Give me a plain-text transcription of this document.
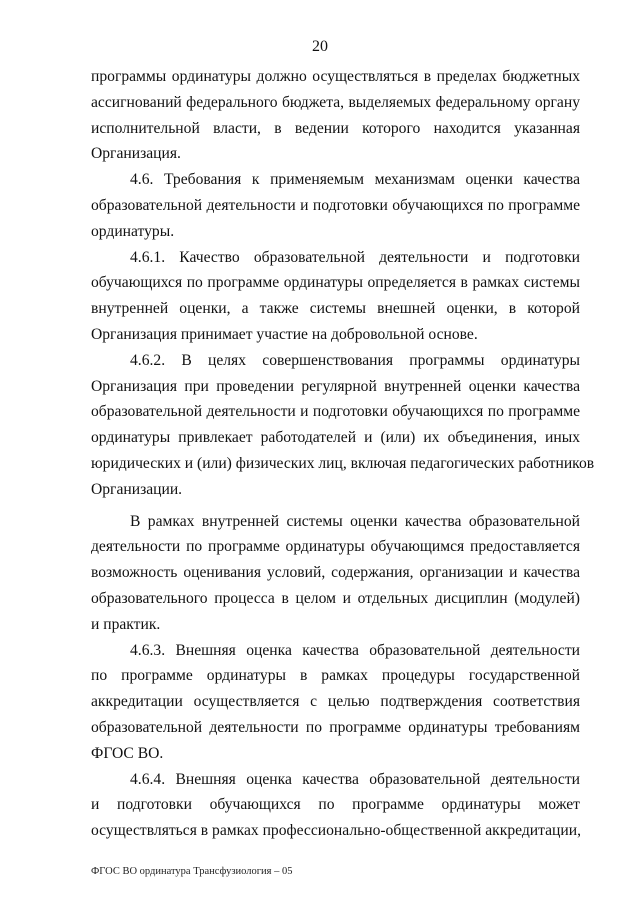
20
программы ординатуры должно осуществляться в пределах бюджетных
ассигнований федерального бюджета, выделяемых федеральному органу
исполнительной власти, в ведении которого находится указанная
Организация.
4.6. Требования к применяемым механизмам оценки качества
образовательной деятельности и подготовки обучающихся по программе
ординатуры.
4.6.1. Качество образовательной деятельности и подготовки
обучающихся по программе ординатуры определяется в рамках системы
внутренней оценки, а также системы внешней оценки, в которой
Организация принимает участие на добровольной основе.
4.6.2. В целях совершенствования программы ординатуры
Организация при проведении регулярной внутренней оценки качества
образовательной деятельности и подготовки обучающихся по программе
ординатуры привлекает работодателей и (или) их объединения, иных
юридических и (или) физических лиц, включая педагогических работников
Организации.
В рамках внутренней системы оценки качества образовательной
деятельности по программе ординатуры обучающимся предоставляется
возможность оценивания условий, содержания, организации и качества
образовательного процесса в целом и отдельных дисциплин (модулей)
и практик.
4.6.3. Внешняя оценка качества образовательной деятельности
по программе ординатуры в рамках процедуры государственной
аккредитации осуществляется с целью подтверждения соответствия
образовательной деятельности по программе ординатуры требованиям
ФГОС ВО.
4.6.4. Внешняя оценка качества образовательной деятельности
и подготовки обучающихся по программе ординатуры может
осуществляться в рамках профессионально-общественной аккредитации,
ФГОС ВО ординатура Трансфузиология – 05
